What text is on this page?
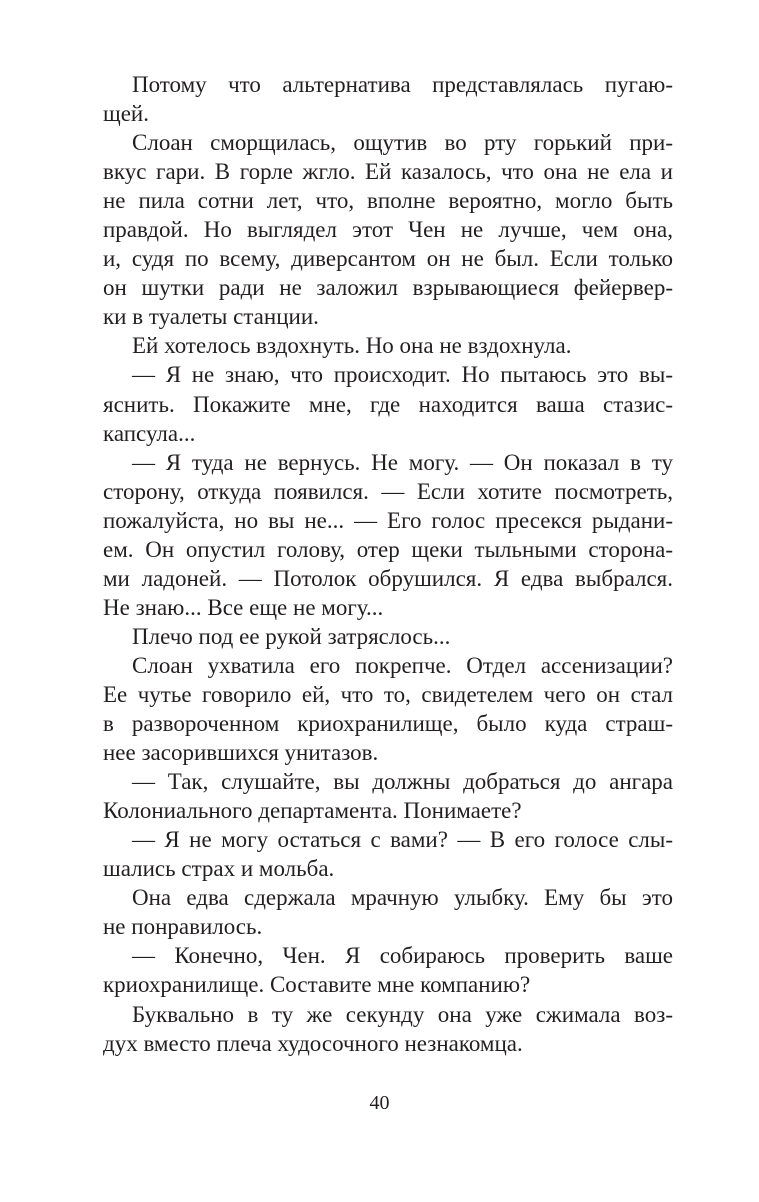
Потому что альтернатива представлялась пугаю-
щей.
Слоан сморщилась, ощутив во рту горький при-
вкус гари. В горле жгло. Ей казалось, что она не ела и
не пила сотни лет, что, вполне вероятно, могло быть
правдой. Но выглядел этот Чен не лучше, чем она,
и, судя по всему, диверсантом он не был. Если только
он шутки ради не заложил взрывающиеся фейервер-
ки в туалеты станции.
Ей хотелось вздохнуть. Но она не вздохнула.
— Я не знаю, что происходит. Но пытаюсь это вы-
яснить. Покажите мне, где находится ваша стазис-
капсула...
— Я туда не вернусь. Не могу. — Он показал в ту
сторону, откуда появился. — Если хотите посмотреть,
пожалуйста, но вы не... — Его голос пресекся рыдани-
ем. Он опустил голову, отер щеки тыльными сторона-
ми ладоней. — Потолок обрушился. Я едва выбрался.
Не знаю... Все еще не могу...
Плечо под ее рукой затряслось...
Слоан ухватила его покрепче. Отдел ассенизации?
Ее чутье говорило ей, что то, свидетелем чего он стал
в развороченном криохранилище, было куда страш-
нее засорившихся унитазов.
— Так, слушайте, вы должны добраться до ангара
Колониального департамента. Понимаете?
— Я не могу остаться с вами? — В его голосе слы-
шались страх и мольба.
Она едва сдержала мрачную улыбку. Ему бы это
не понравилось.
— Конечно, Чен. Я собираюсь проверить ваше
криохранилище. Составите мне компанию?
Буквально в ту же секунду она уже сжимала воз-
дух вместо плеча худосочного незнакомца.
40
